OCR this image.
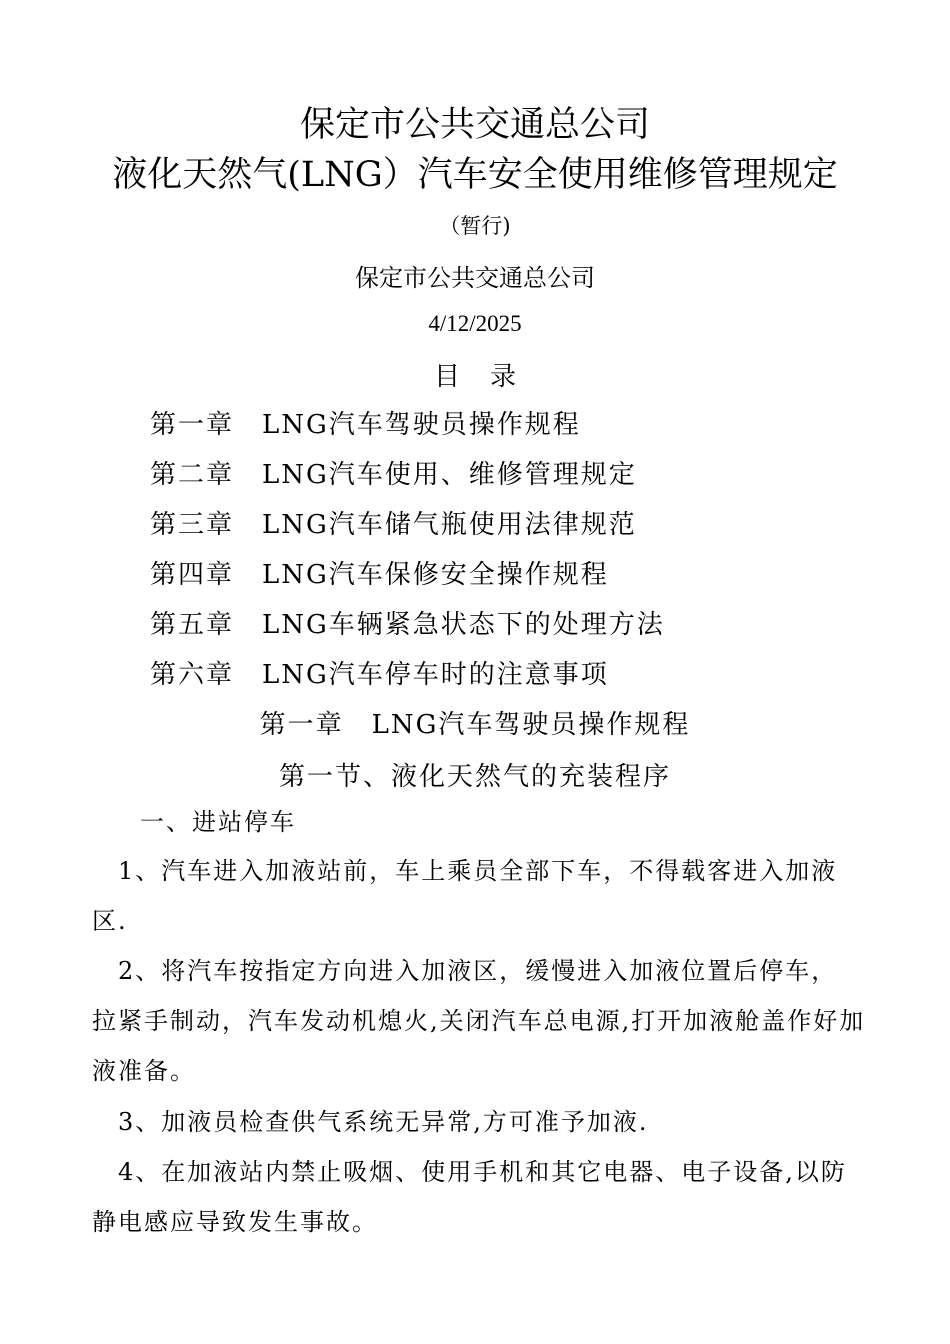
保定市公共交通总公司
液化天然气(LNG）汽车安全使用维修管理规定
（暂行)
保定市公共交通总公司
4/12/2025
目录
第一章 LNG汽车驾驶员操作规程
第二章 LNG汽车使用、维修管理规定
第三章 LNG汽车储气瓶使用法律规范
第四章 LNG汽车保修安全操作规程
第五章 LNG车辆紧急状态下的处理方法
第六章 LNG汽车停车时的注意事项
第一章　LNG汽车驾驶员操作规程
第一节、液化天然气的充装程序
一、进站停车
　1、汽车进入加液站前，车上乘员全部下车，不得载客进入加液
区.
　2、将汽车按指定方向进入加液区，缓慢进入加液位置后停车，
拉紧手制动，汽车发动机熄火,关闭汽车总电源,打开加液舱盖作好加
液准备。
　3、加液员检查供气系统无异常,方可准予加液.
　4、在加液站内禁止吸烟、使用手机和其它电器、电子设备,以防
静电感应导致发生事故。
